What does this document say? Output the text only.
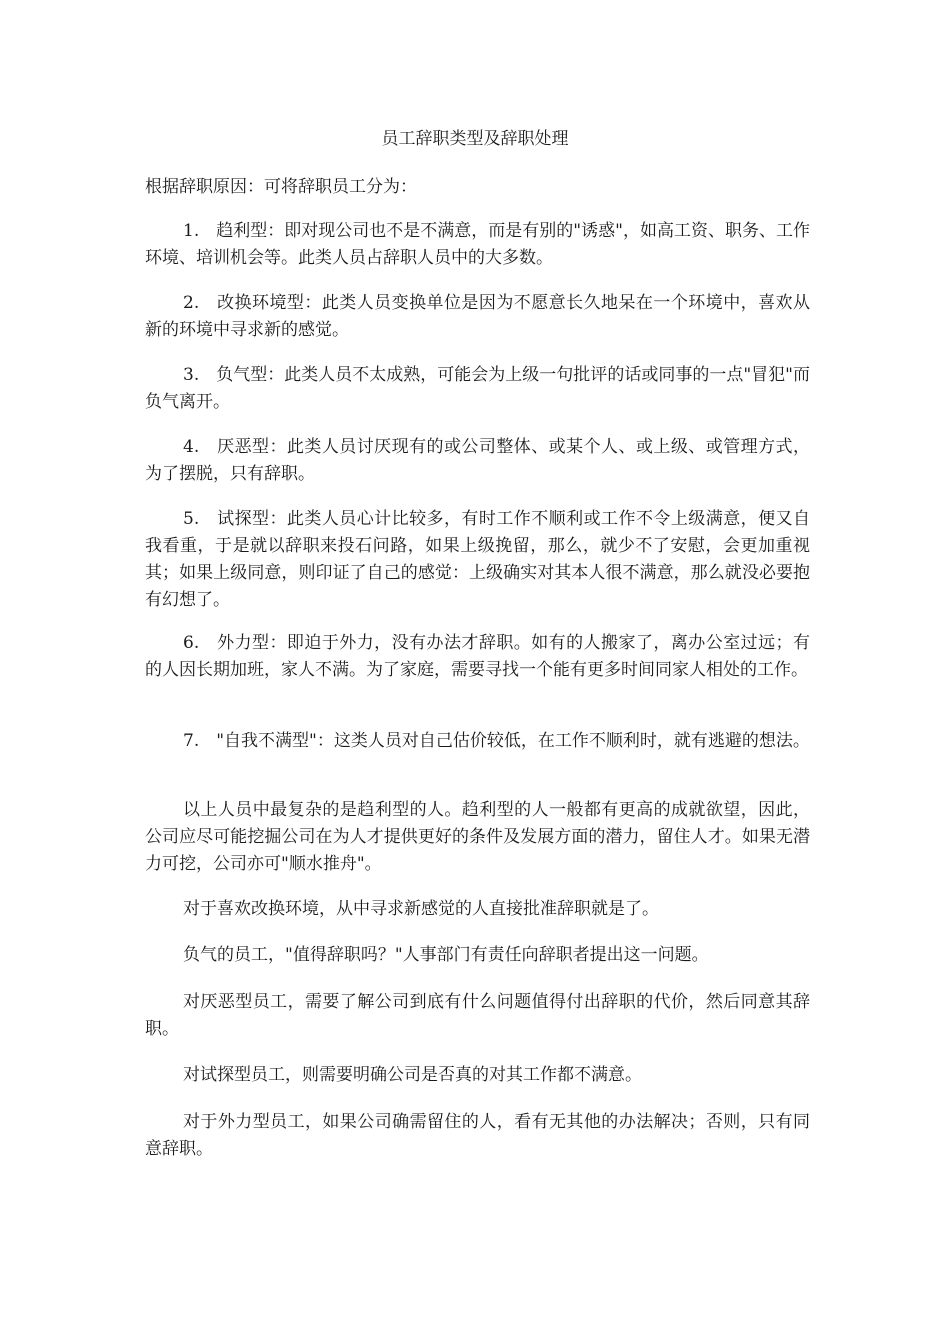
员工辞职类型及辞职处理

根据辞职原因：可将辞职员工分为：

1.　趋利型：即对现公司也不是不满意，而是有别的"诱惑"，如高工资、职务、工作环境、培训机会等。此类人员占辞职人员中的大多数。

2.　改换环境型：此类人员变换单位是因为不愿意长久地呆在一个环境中，喜欢从新的环境中寻求新的感觉。

3.　负气型：此类人员不太成熟，可能会为上级一句批评的话或同事的一点"冒犯"而负气离开。

4.　厌恶型：此类人员讨厌现有的或公司整体、或某个人、或上级、或管理方式，为了摆脱，只有辞职。

5.　试探型：此类人员心计比较多，有时工作不顺利或工作不令上级满意，便又自我看重，于是就以辞职来投石问路，如果上级挽留，那么，就少不了安慰，会更加重视其；如果上级同意，则印证了自己的感觉：上级确实对其本人很不满意，那么就没必要抱有幻想了。

6.　外力型：即迫于外力，没有办法才辞职。如有的人搬家了，离办公室过远；有的人因长期加班，家人不满。为了家庭，需要寻找一个能有更多时间同家人相处的工作。

7.　"自我不满型"：这类人员对自己估价较低，在工作不顺利时，就有逃避的想法。

以上人员中最复杂的是趋利型的人。趋利型的人一般都有更高的成就欲望，因此，公司应尽可能挖掘公司在为人才提供更好的条件及发展方面的潜力，留住人才。如果无潜力可挖，公司亦可"顺水推舟"。

对于喜欢改换环境，从中寻求新感觉的人直接批准辞职就是了。

负气的员工，"值得辞职吗？"人事部门有责任向辞职者提出这一问题。

对厌恶型员工，需要了解公司到底有什么问题值得付出辞职的代价，然后同意其辞职。

对试探型员工，则需要明确公司是否真的对其工作都不满意。

对于外力型员工，如果公司确需留住的人，看有无其他的办法解决；否则，只有同意辞职。
